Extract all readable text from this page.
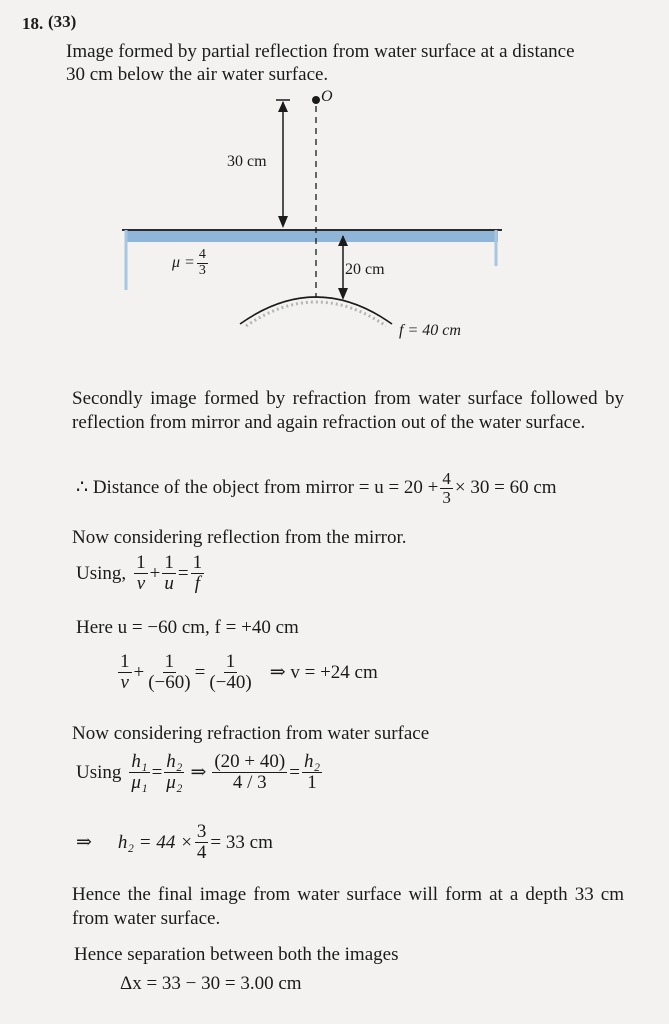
18. (33)
Image formed by partial reflection from water surface at a distance
30 cm below the air water surface.
O
30 cm
20 cm
f = 40 cm
$\mu = \frac{4}{3}$
Secondly image formed by refraction from water surface followed by reflection from mirror and again refraction out of the water surface.
∴ Distance of the object from mirror = $u = 20 + \frac{4}{3} \times 30 = 60$ cm
Now considering reflection from the mirror.
Using, $\frac{1}{v} + \frac{1}{u} = \frac{1}{f}$
Here u = −60 cm, f = +40 cm
$\frac{1}{v} + \frac{1}{(-60)} = \frac{1}{(-40)}$ ⇒ v = +24 cm
Now considering refraction from water surface
Using $\frac{\text{h₁}}{\text{μ₁}} = \frac{\text{h₂}}{\text{μ₂}}$ ⇒ $\frac{(20 + 40)}{4 / 3} = \frac{\text{h₂}}{1}$
⇒ $h_2 = 44 \times \frac{3}{4} = 33$ cm
Hence the final image from water surface will form at a depth 33 cm from water surface.
Hence separation between both the images
Δx = 33 − 30 = 3.00 cm
